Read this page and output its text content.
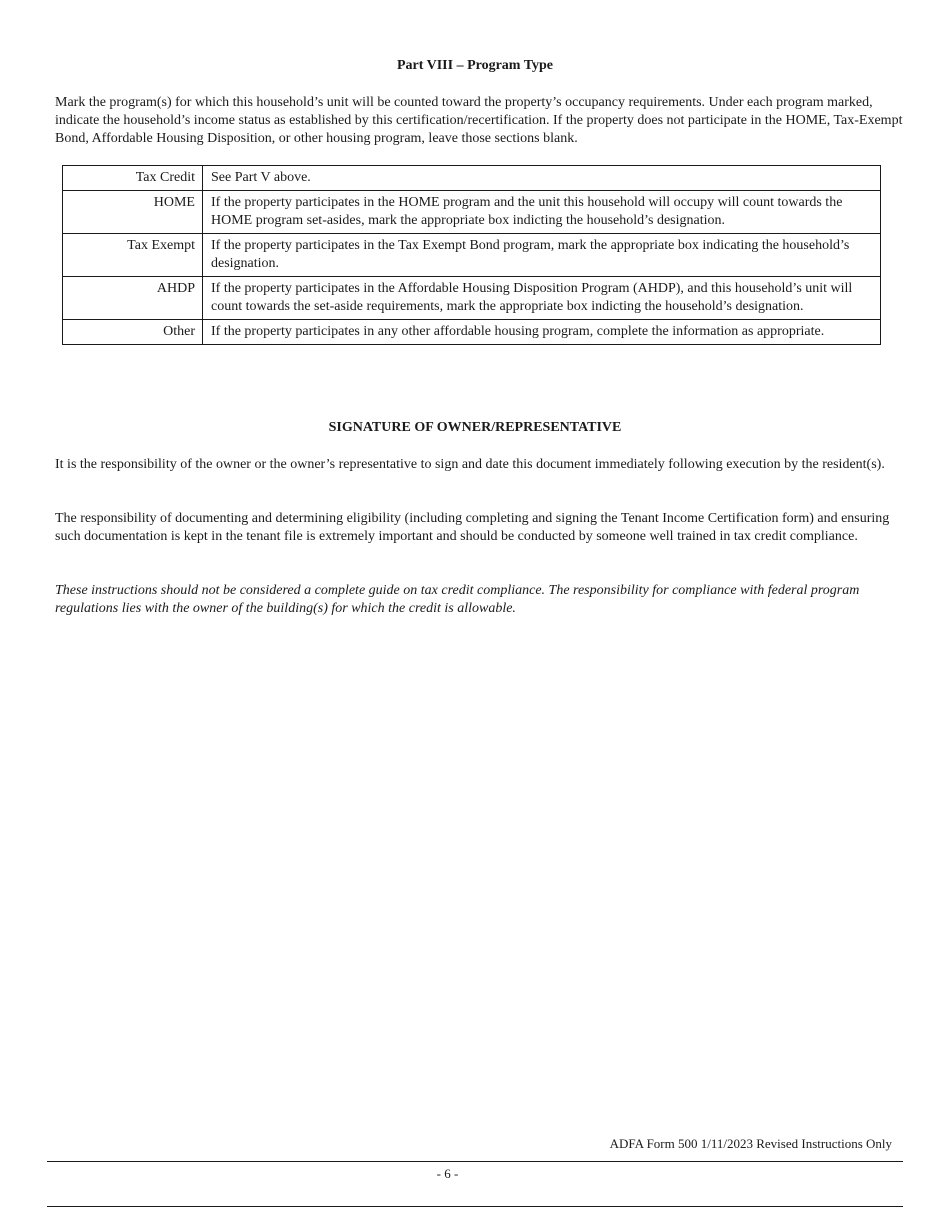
Part VIII – Program Type
Mark the program(s) for which this household’s unit will be counted toward the property’s occupancy requirements. Under each program marked, indicate the household’s income status as established by this certification/recertification. If the property does not participate in the HOME, Tax-Exempt Bond, Affordable Housing Disposition, or other housing program, leave those sections blank.
Tax Credit	See Part V above.
HOME	If the property participates in the HOME program and the unit this household will occupy will count towards the HOME program set-asides, mark the appropriate box indicting the household’s designation.
Tax Exempt	If the property participates in the Tax Exempt Bond program, mark the appropriate box indicating the household’s designation.
AHDP	If the property participates in the Affordable Housing Disposition Program (AHDP), and this household’s unit will count towards the set-aside requirements, mark the appropriate box indicting the household’s designation.
Other	If the property participates in any other affordable housing program, complete the information as appropriate.
SIGNATURE OF OWNER/REPRESENTATIVE
It is the responsibility of the owner or the owner’s representative to sign and date this document immediately following execution by the resident(s).
The responsibility of documenting and determining eligibility (including completing and signing the Tenant Income Certification form) and ensuring such documentation is kept in the tenant file is extremely important and should be conducted by someone well trained in tax credit compliance.
These instructions should not be considered a complete guide on tax credit compliance. The responsibility for compliance with federal program regulations lies with the owner of the building(s) for which the credit is allowable.
ADFA Form 500 1/11/2023 Revised Instructions Only
- 6 -
